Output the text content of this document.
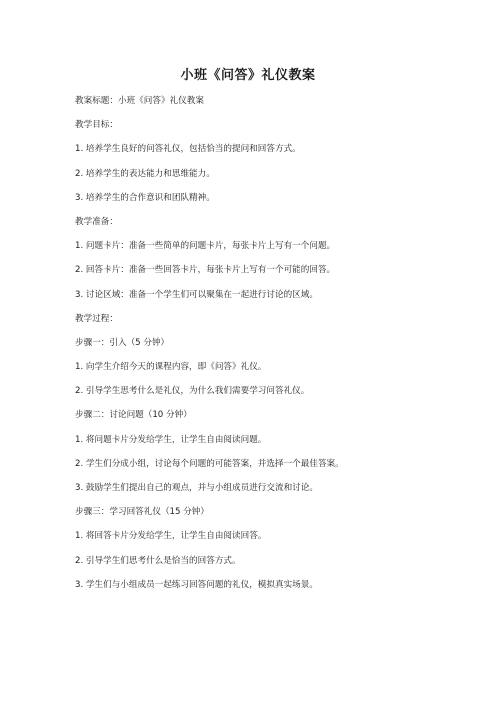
小班《问答》礼仪教案
教案标题：小班《问答》礼仪教案
教学目标：
1. 培养学生良好的问答礼仪，包括恰当的提问和回答方式。
2. 培养学生的表达能力和思维能力。
3. 培养学生的合作意识和团队精神。
教学准备：
1. 问题卡片：准备一些简单的问题卡片，每张卡片上写有一个问题。
2. 回答卡片：准备一些回答卡片，每张卡片上写有一个可能的回答。
3. 讨论区域：准备一个学生们可以聚集在一起进行讨论的区域。
教学过程：
步骤一：引入（5 分钟）
1. 向学生介绍今天的课程内容，即《问答》礼仪。
2. 引导学生思考什么是礼仪，为什么我们需要学习问答礼仪。
步骤二：讨论问题（10 分钟）
1. 将问题卡片分发给学生，让学生自由阅读问题。
2. 学生们分成小组，讨论每个问题的可能答案，并选择一个最佳答案。
3. 鼓励学生们提出自己的观点，并与小组成员进行交流和讨论。
步骤三：学习回答礼仪（15 分钟）
1. 将回答卡片分发给学生，让学生自由阅读回答。
2. 引导学生们思考什么是恰当的回答方式。
3. 学生们与小组成员一起练习回答问题的礼仪，模拟真实场景。
